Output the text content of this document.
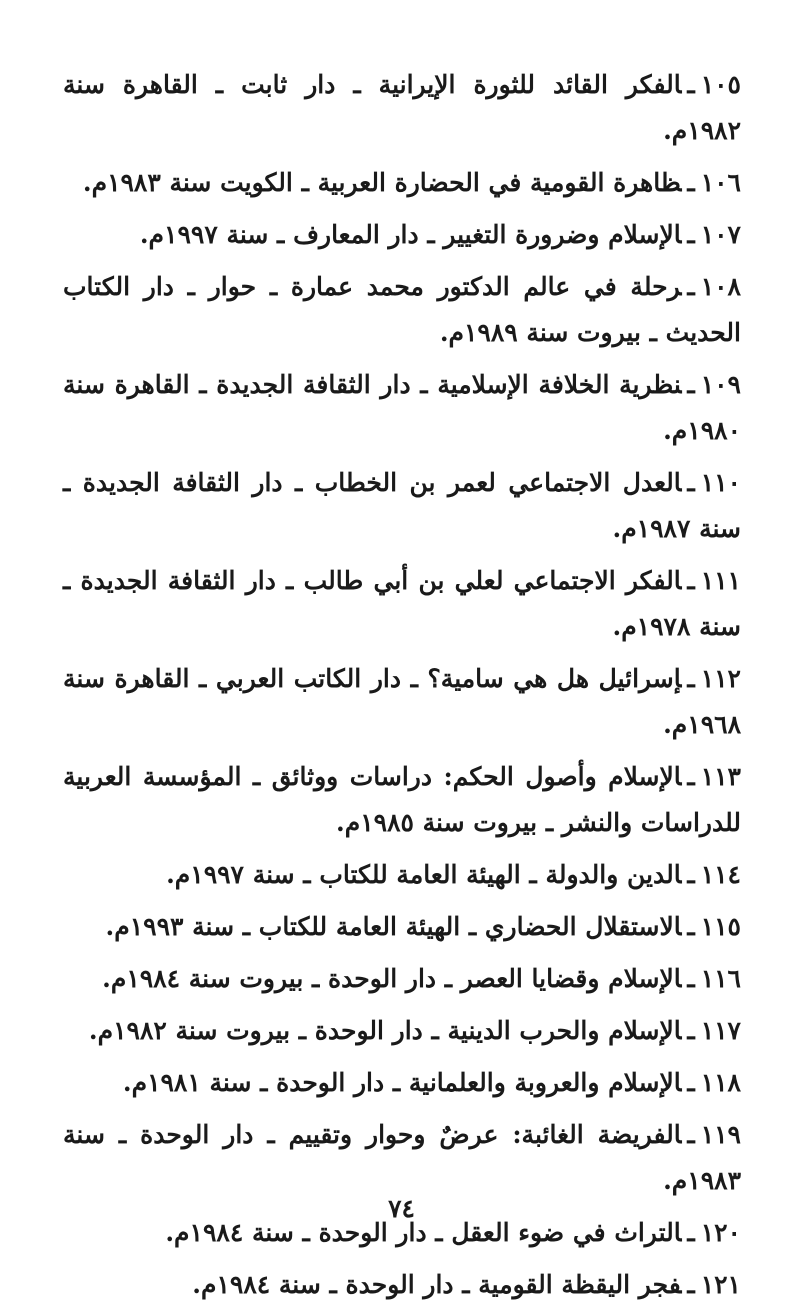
١٠٥ـالفكر القائد للثورة الإيرانية ـ دار ثابت ـ القاهرة سنة ١٩٨٢م.

١٠٦ـظاهرة القومية في الحضارة العربية ـ الكويت سنة ١٩٨٣م.

١٠٧ـالإسلام وضرورة التغيير ـ دار المعارف ـ سنة ١٩٩٧م.

١٠٨ـرحلة في عالم الدكتور محمد عمارة ـ حوار ـ دار الكتاب الحديث ـ بيروت سنة ١٩٨٩م.

١٠٩ـنظرية الخلافة الإسلامية ـ دار الثقافة الجديدة ـ القاهرة سنة ١٩٨٠م.

١١٠ـالعدل الاجتماعي لعمر بن الخطاب ـ دار الثقافة الجديدة ـ سنة ١٩٨٧م.

١١١ـالفكر الاجتماعي لعلي بن أبي طالب ـ دار الثقافة الجديدة ـ سنة ١٩٧٨م.

١١٢ـإسرائيل هل هي سامية؟ ـ دار الكاتب العربي ـ القاهرة سنة ١٩٦٨م.

١١٣ـالإسلام وأصول الحكم: دراسات ووثائق ـ المؤسسة العربية للدراسات والنشر ـ بيروت سنة ١٩٨٥م.

١١٤ـالدين والدولة ـ الهيئة العامة للكتاب ـ سنة ١٩٩٧م.

١١٥ـالاستقلال الحضاري ـ الهيئة العامة للكتاب ـ سنة ١٩٩٣م.

١١٦ـالإسلام وقضايا العصر ـ دار الوحدة ـ بيروت سنة ١٩٨٤م.

١١٧ـالإسلام والحرب الدينية ـ دار الوحدة ـ بيروت سنة ١٩٨٢م.

١١٨ـالإسلام والعروبة والعلمانية ـ دار الوحدة ـ سنة ١٩٨١م.

١١٩ـالفريضة الغائبة: عرضٌ وحوار وتقييم ـ دار الوحدة ـ سنة ١٩٨٣م.

١٢٠ـالتراث في ضوء العقل ـ دار الوحدة ـ سنة ١٩٨٤م.

١٢١ـفجر اليقظة القومية ـ دار الوحدة ـ سنة ١٩٨٤م.

٧٤
